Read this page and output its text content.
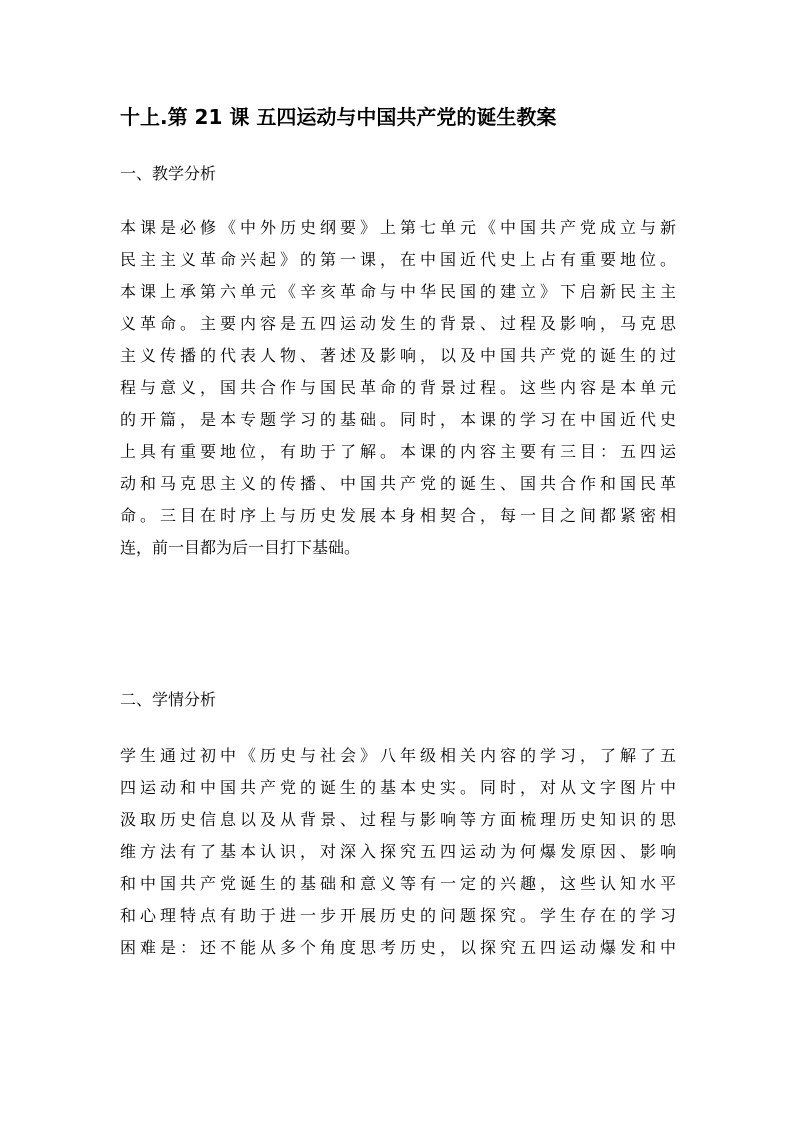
十上.第 21 课 五四运动与中国共产党的诞生教案
一、教学分析
本课是必修《中外历史纲要》上第七单元《中国共产党成立与新
民主主义革命兴起》的第一课，在中国近代史上占有重要地位。
本课上承第六单元《辛亥革命与中华民国的建立》下启新民主主
义革命。主要内容是五四运动发生的背景、过程及影响，马克思
主义传播的代表人物、著述及影响，以及中国共产党的诞生的过
程与意义，国共合作与国民革命的背景过程。这些内容是本单元
的开篇，是本专题学习的基础。同时，本课的学习在中国近代史
上具有重要地位，有助于了解。本课的内容主要有三目：五四运
动和马克思主义的传播、中国共产党的诞生、国共合作和国民革
命。三目在时序上与历史发展本身相契合，每一目之间都紧密相
连，前一目都为后一目打下基础。
二、学情分析
学生通过初中《历史与社会》八年级相关内容的学习，了解了五
四运动和中国共产党的诞生的基本史实。同时，对从文字图片中
汲取历史信息以及从背景、过程与影响等方面梳理历史知识的思
维方法有了基本认识，对深入探究五四运动为何爆发原因、影响
和中国共产党诞生的基础和意义等有一定的兴趣，这些认知水平
和心理特点有助于进一步开展历史的问题探究。学生存在的学习
困难是：还不能从多个角度思考历史，以探究五四运动爆发和中
